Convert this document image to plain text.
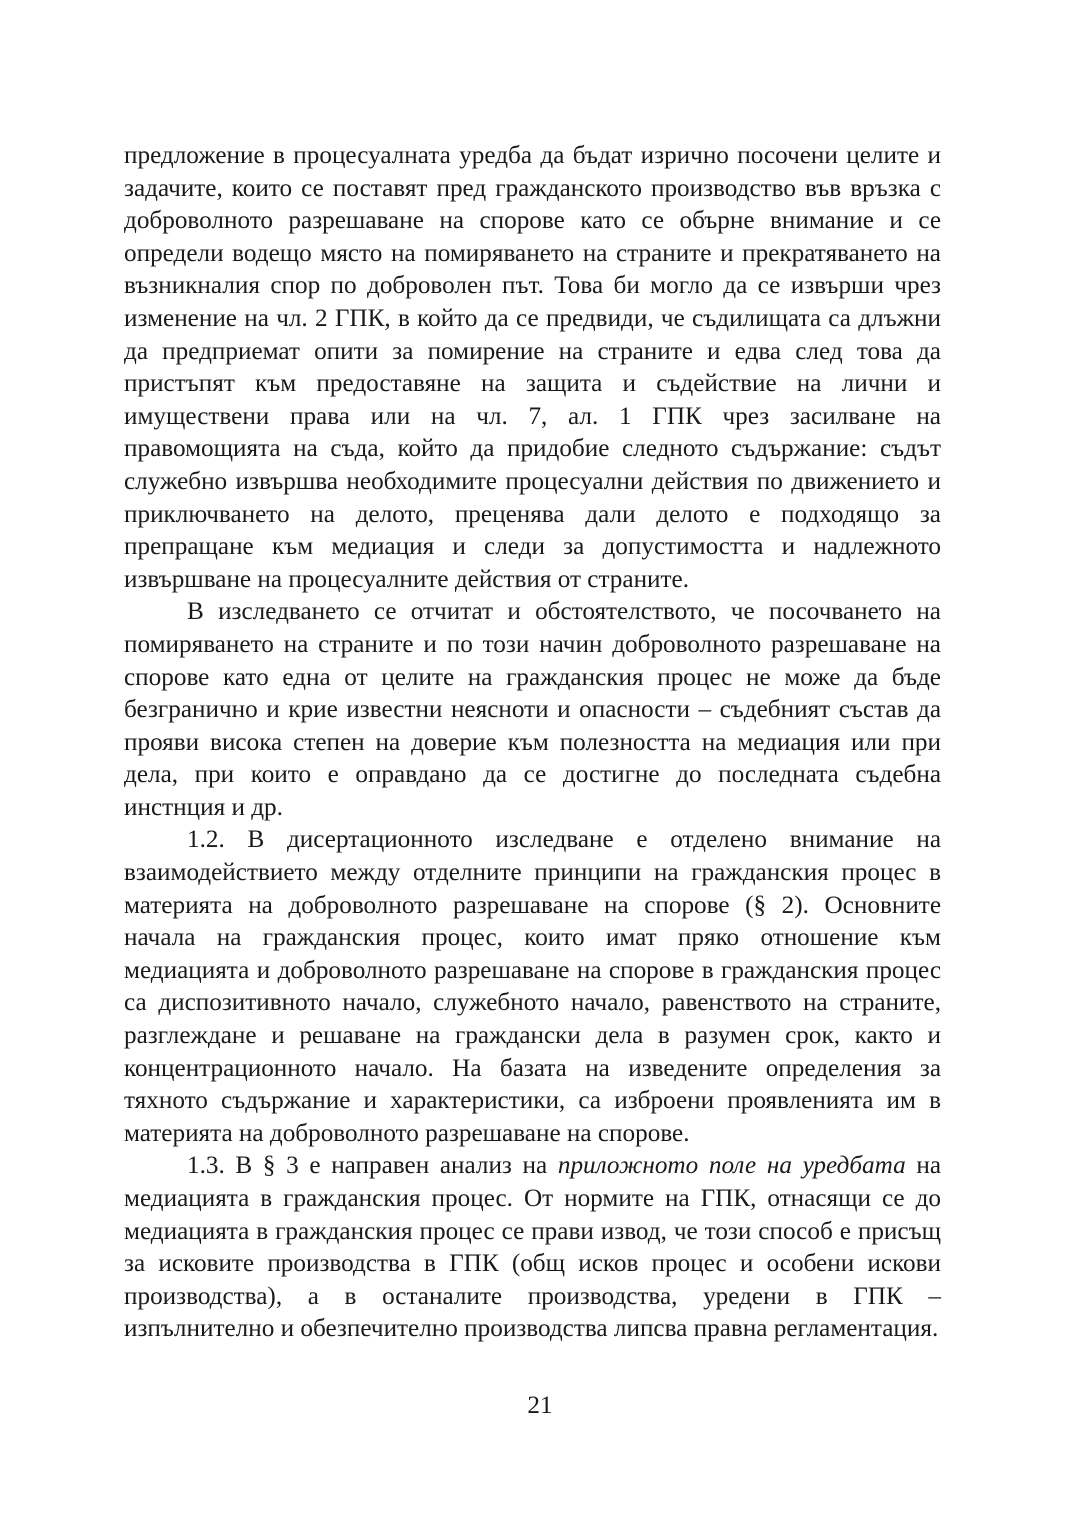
предложение в процесуалната уредба да бъдат изрично посочени целите и задачите, които се поставят пред гражданското производство във връзка с доброволното разрешаване на спорове като се обърне внимание и се определи водещо място на помиряването на страните и прекратяването на възникналия спор по доброволен път. Това би могло да се извърши чрез изменение на чл. 2 ГПК, в който да се предвиди, че съдилищата са длъжни да предприемат опити за помирение на страните и едва след това да пристъпят към предоставяне на защита и съдействие на лични и имуществени права или на чл. 7, ал. 1 ГПК чрез засилване на правомощията на съда, който да придобие следното съдържание: съдът служебно извършва необходимите процесуални действия по движението и приключването на делото, преценява дали делото е подходящо за препращане към медиация и следи за допустимостта и надлежното извършване на процесуалните действия от страните.

В изследването се отчитат и обстоятелството, че посочването на помиряването на страните и по този начин доброволното разрешаване на спорове като една от целите на гражданския процес не може да бъде безгранично и крие известни неясноти и опасности – съдебният състав да прояви висока степен на доверие към полезността на медиация или при дела, при които е оправдано да се достигне до последната съдебна инстнция и др.

1.2. В дисертационното изследване е отделено внимание на взаимодействието между отделните принципи на гражданския процес в материята на доброволното разрешаване на спорове (§ 2). Основните начала на гражданския процес, които имат пряко отношение към медиацията и доброволното разрешаване на спорове в гражданския процес са диспозитивното начало, служебното начало, равенството на страните, разглеждане и решаване на граждански дела в разумен срок, както и концентрационното начало. На базата на изведените определения за тяхното съдържание и характеристики, са изброени проявленията им в материята на доброволното разрешаване на спорове.

1.3. В § 3 е направен анализ на приложното поле на уредбата на медиацията в гражданския процес. От нормите на ГПК, отнасящи се до медиацията в гражданския процес се прави извод, че този способ е присъщ за исковите производства в ГПК (общ исков процес и особени искови производства), а в останалите производства, уредени в ГПК – изпълнително и обезпечително производства липсва правна регламентация.

21
